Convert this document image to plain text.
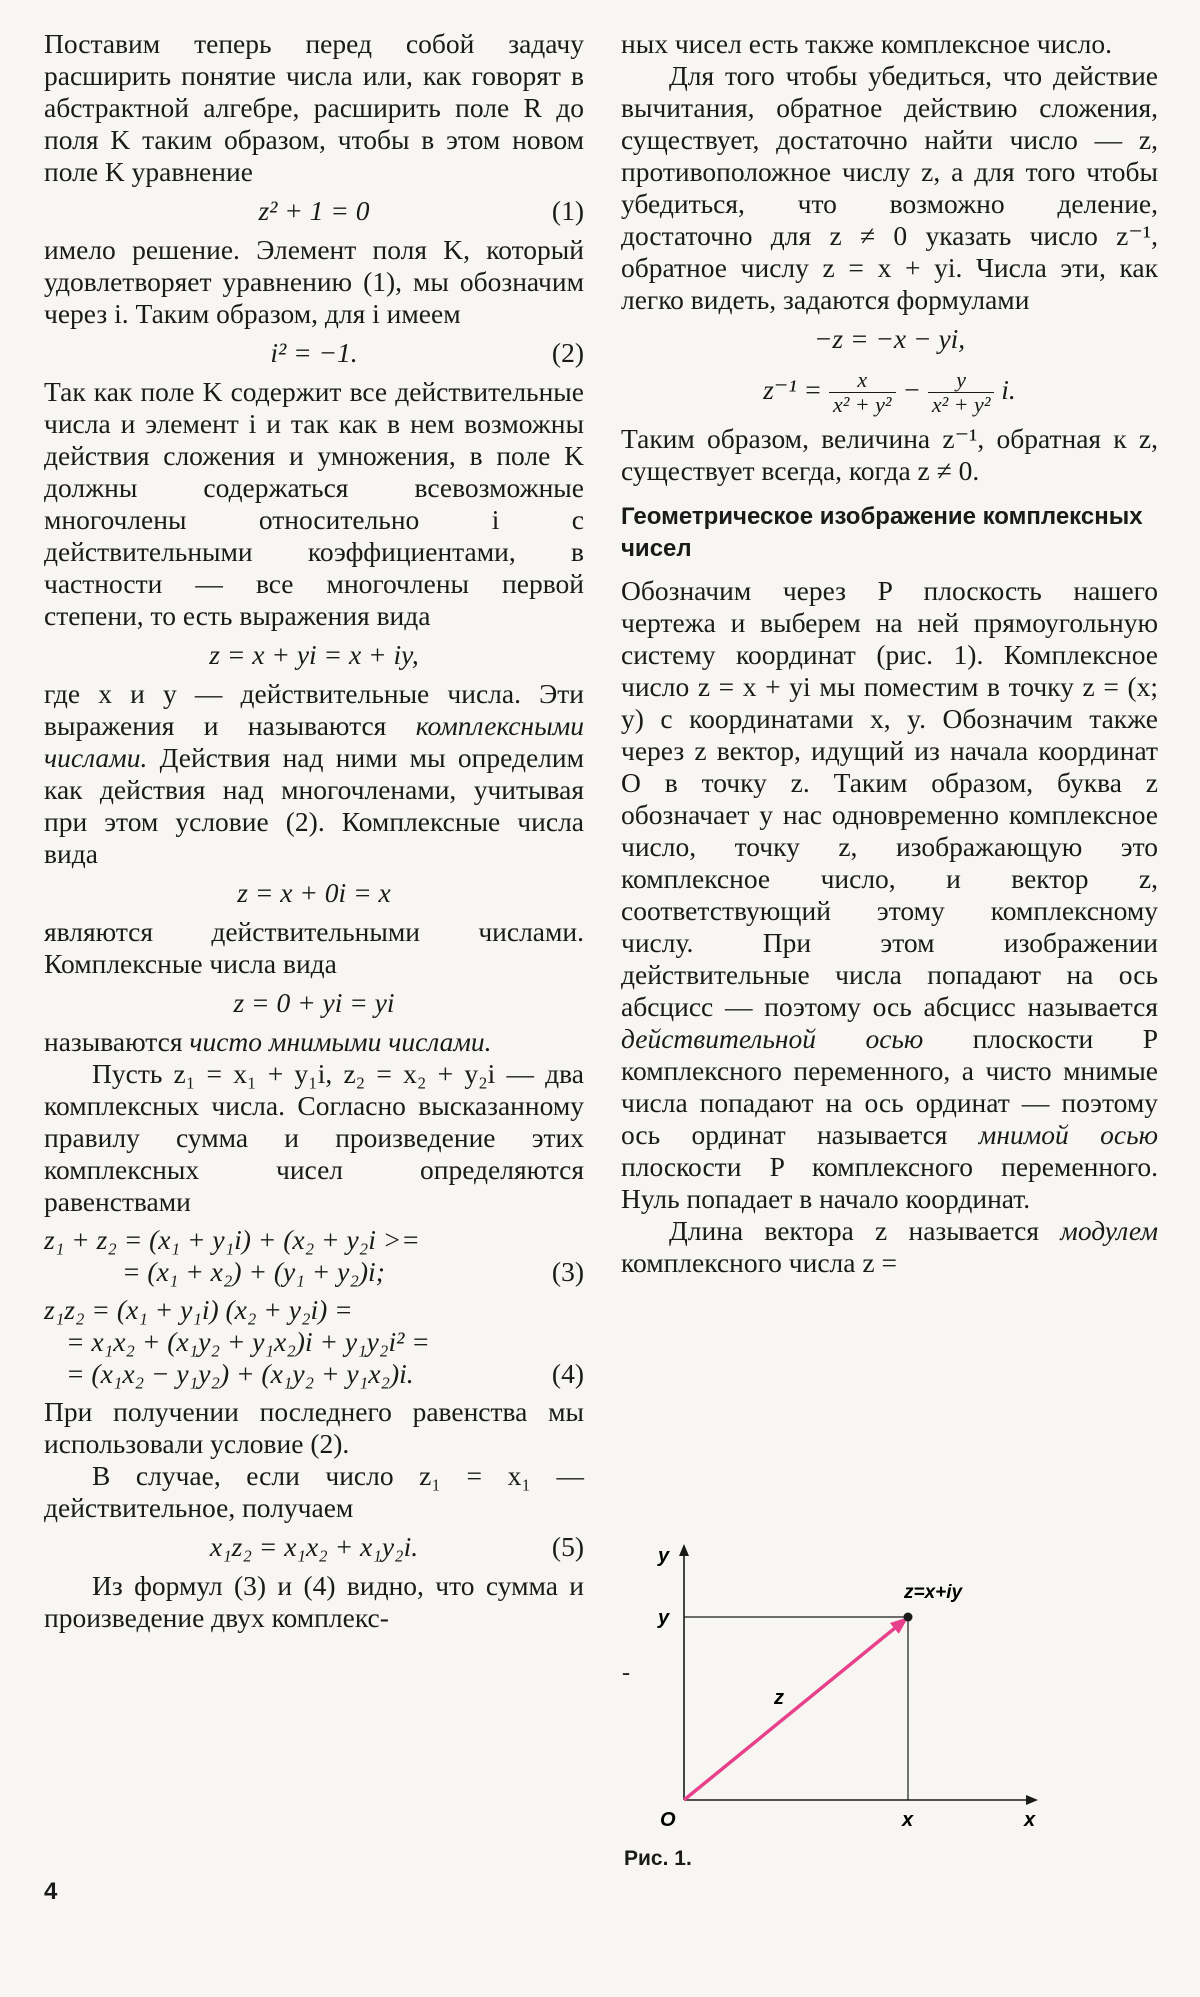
Поставим теперь перед собой задачу расширить понятие числа или, как говорят в абстрактной алгебре, расширить поле R до поля K таким образом, чтобы в этом новом поле K уравнение

z² + 1 = 0	(1)

имело решение. Элемент поля K, который удовлетворяет уравнению (1), мы обозначим через i. Таким образом, для i имеем

i² = −1.	(2)

Так как поле K содержит все действительные числа и элемент i и так как в нем возможны действия сложения и умножения, в поле K должны содержаться всевозможные многочлены относительно i с действительными коэффициентами, в частности — все многочлены первой степени, то есть выражения вида

z = x + yi = x + iy,

где x и y — действительные числа. Эти выражения и называются комплексными числами. Действия над ними мы определим как действия над многочленами, учитывая при этом условие (2). Комплексные числа вида

z = x + 0i = x

являются действительными числами. Комплексные числа вида

z = 0 + yi = yi

называются чисто мнимыми числами.

Пусть z₁ = x₁ + y₁i, z₂ = x₂ + y₂i — два комплексных числа. Согласно высказанному правилу сумма и произведение этих комплексных чисел определяются равенствами

z₁ + z₂ = (x₁ + y₁i) + (x₂ + y₂i >=
= (x₁ + x₂) + (y₁ + y₂)i;	(3)
z₁z₂ = (x₁ + y₁i) (x₂ + y₂i) =
= x₁x₂ + (x₁y₂ + y₁x₂)i + y₁y₂i² =
= (x₁x₂ − y₁y₂) + (x₁y₂ + y₁x₂)i.	(4)

При получении последнего равенства мы использовали условие (2).

В случае, если число z₁ = x₁ — действительное, получаем

x₁z₂ = x₁x₂ + x₁y₂i.	(5)

Из формул (3) и (4) видно, что сумма и произведение двух комплекс-

ных чисел есть также комплексное число.

Для того чтобы убедиться, что действие вычитания, обратное действию сложения, существует, достаточно найти число — z, противоположное числу z, а для того чтобы убедиться, что возможно деление, достаточно для z ≠ 0 указать число z⁻¹, обратное числу z = x + yi. Числа эти, как легко видеть, задаются формулами

−z = −x − yi,
$z^{-1} = \frac{x}{\text{x² + y²}} - \frac{y}{\text{x² + y²}} i$.

Таким образом, величина z⁻¹, обратная к z, существует всегда, когда z ≠ 0.

Геометрическое изображение комплексных чисел

Обозначим через P плоскость нашего чертежа и выберем на ней прямоугольную систему координат (рис. 1). Комплексное число z = x + yi мы поместим в точку z = (x; y) с координатами x, y. Обозначим также через z вектор, идущий из начала координат O в точку z. Таким образом, буква z обозначает у нас одновременно комплексное число, точку z, изображающую это комплексное число, и вектор z, соответствующий этому комплексному числу. При этом изображении действительные числа попадают на ось абсцисс — поэтому ось абсцисс называется действительной осью плоскости P комплексного переменного, а чисто мнимые числа попадают на ось ординат — поэтому ось ординат называется мнимой осью плоскости P комплексного переменного. Нуль попадает в начало координат.

Длина вектора z называется модулем комплексного числа z =

-
y
x
y
x
O
z=x+iy
z
Рис. 1.
4
